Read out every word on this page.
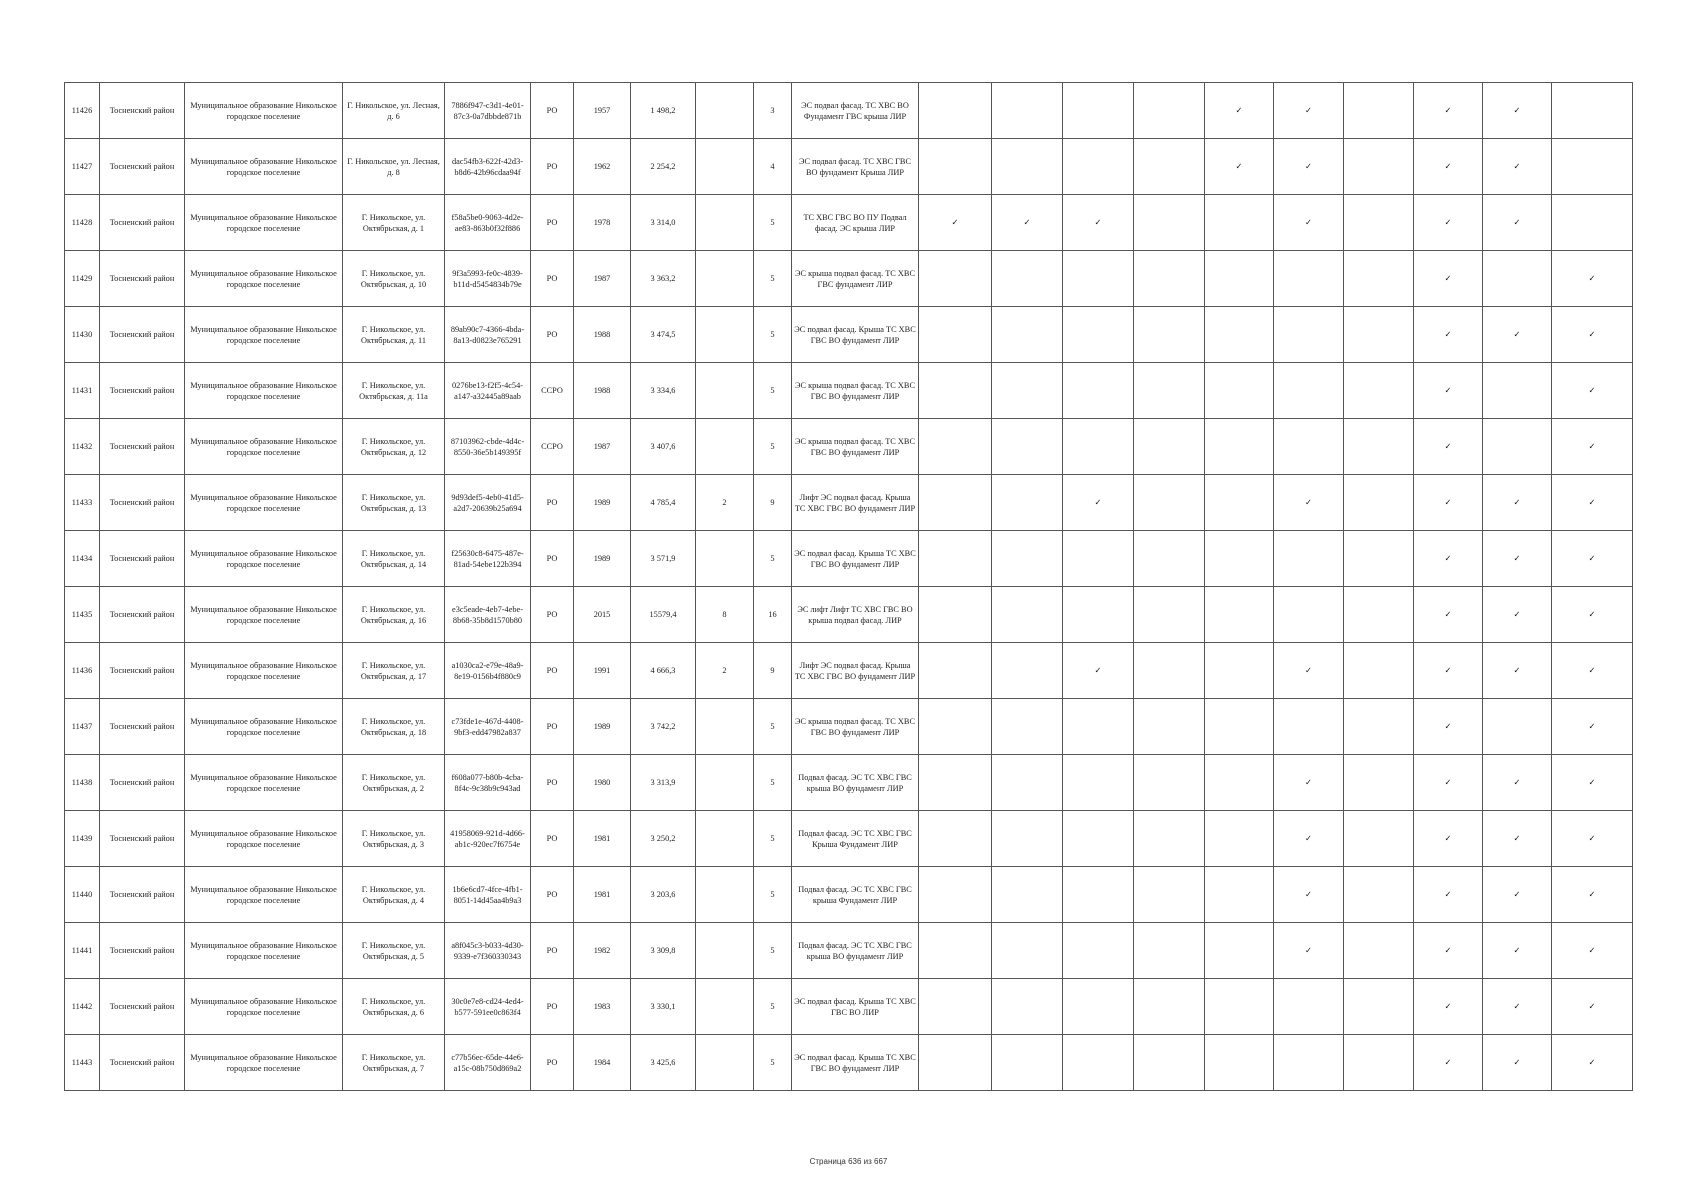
11426	Тосненский район	Муниципальное образование Никольское городское поселение	Г. Никольское, ул. Лесная, д. 6	7886f947-c3d1-4e01-87c3-0a7dbbde871b	РО	1957	1 498,2		3	ЭС подвал фасад. ТС ХВС ВО Фундамент ГВС крыша ЛИР					✓	✓		✓	✓	
11427	Тосненский район	Муниципальное образование Никольское городское поселение	Г. Никольское, ул. Лесная, д. 8	dac54fb3-622f-42d3-b8d6-42b96cdaa94f	РО	1962	2 254,2		4	ЭС подвал фасад. ТС ХВС ГВС ВО фундамент Крыша ЛИР					✓	✓		✓	✓	
11428	Тосненский район	Муниципальное образование Никольское городское поселение	Г. Никольское, ул. Октябрьская, д. 1	f58a5be0-9063-4d2e-ae83-863b0f32f886	РО	1978	3 314,0		5	ТС ХВС ГВС ВО ПУ Подвал фасад. ЭС крыша ЛИР	✓	✓	✓			✓		✓	✓	
11429	Тосненский район	Муниципальное образование Никольское городское поселение	Г. Никольское, ул. Октябрьская, д. 10	9f3a5993-fe0c-4839-b11d-d5454834b79e	РО	1987	3 363,2		5	ЭС крыша подвал фасад. ТС ХВС ГВС фундамент ЛИР								✓		✓
11430	Тосненский район	Муниципальное образование Никольское городское поселение	Г. Никольское, ул. Октябрьская, д. 11	89ab90c7-4366-4bda-8a13-d0823e765291	РО	1988	3 474,5		5	ЭС подвал фасад. Крыша ТС ХВС ГВС ВО фундамент ЛИР								✓	✓	✓
11431	Тосненский район	Муниципальное образование Никольское городское поселение	Г. Никольское, ул. Октябрьская, д. 11а	0276be13-f2f5-4c54-a147-a32445a89aab	ССРО	1988	3 334,6		5	ЭС крыша подвал фасад. ТС ХВС ГВС ВО фундамент ЛИР								✓		✓
11432	Тосненский район	Муниципальное образование Никольское городское поселение	Г. Никольское, ул. Октябрьская, д. 12	87103962-cbde-4d4c-8550-36e5b149395f	ССРО	1987	3 407,6		5	ЭС крыша подвал фасад. ТС ХВС ГВС ВО фундамент ЛИР								✓		✓
11433	Тосненский район	Муниципальное образование Никольское городское поселение	Г. Никольское, ул. Октябрьская, д. 13	9d93def5-4eb0-41d5-a2d7-20639b25a694	РО	1989	4 785,4	2	9	Лифт ЭС подвал фасад. Крыша ТС ХВС ГВС ВО фундамент ЛИР			✓			✓		✓	✓	✓
11434	Тосненский район	Муниципальное образование Никольское городское поселение	Г. Никольское, ул. Октябрьская, д. 14	f25630c8-6475-487e-81ad-54ebe122b394	РО	1989	3 571,9		5	ЭС подвал фасад. Крыша ТС ХВС ГВС ВО фундамент ЛИР								✓	✓	✓
11435	Тосненский район	Муниципальное образование Никольское городское поселение	Г. Никольское, ул. Октябрьская, д. 16	e3c5eade-4eb7-4ebe-8b68-35b8d1570b80	РО	2015	15579,4	8	16	ЭС лифт Лифт ТС ХВС ГВС ВО крыша подвал фасад. ЛИР								✓	✓	✓
11436	Тосненский район	Муниципальное образование Никольское городское поселение	Г. Никольское, ул. Октябрьская, д. 17	a1030ca2-e79e-48a9-8e19-0156b4f880c9	РО	1991	4 666,3	2	9	Лифт ЭС подвал фасад. Крыша ТС ХВС ГВС ВО фундамент ЛИР			✓			✓		✓	✓	✓
11437	Тосненский район	Муниципальное образование Никольское городское поселение	Г. Никольское, ул. Октябрьская, д. 18	c73fde1e-467d-4408-9bf3-edd47982a837	РО	1989	3 742,2		5	ЭС крыша подвал фасад. ТС ХВС ГВС ВО фундамент ЛИР								✓		✓
11438	Тосненский район	Муниципальное образование Никольское городское поселение	Г. Никольское, ул. Октябрьская, д. 2	f608a077-b80b-4cba-8f4c-9c38b9c943ad	РО	1980	3 313,9		5	Подвал фасад. ЭС ТС ХВС ГВС крыша ВО фундамент ЛИР						✓		✓	✓	✓
11439	Тосненский район	Муниципальное образование Никольское городское поселение	Г. Никольское, ул. Октябрьская, д. 3	41958069-921d-4d66-ab1c-920ec7f6754e	РО	1981	3 250,2		5	Подвал фасад. ЭС ТС ХВС ГВС Крыша Фундамент ЛИР						✓		✓	✓	✓
11440	Тосненский район	Муниципальное образование Никольское городское поселение	Г. Никольское, ул. Октябрьская, д. 4	1b6e6cd7-4fce-4fb1-8051-14d45aa4b9a3	РО	1981	3 203,6		5	Подвал фасад. ЭС ТС ХВС ГВС крыша Фундамент ЛИР						✓		✓	✓	✓
11441	Тосненский район	Муниципальное образование Никольское городское поселение	Г. Никольское, ул. Октябрьская, д. 5	a8f045c3-b033-4d30-9339-e7f360330343	РО	1982	3 309,8		5	Подвал фасад. ЭС ТС ХВС ГВС крыша ВО фундамент ЛИР						✓		✓	✓	✓
11442	Тосненский район	Муниципальное образование Никольское городское поселение	Г. Никольское, ул. Октябрьская, д. 6	30c0e7e8-cd24-4ed4-b577-591ee0c863f4	РО	1983	3 330,1		5	ЭС подвал фасад. Крыша ТС ХВС ГВС ВО ЛИР								✓	✓	✓
11443	Тосненский район	Муниципальное образование Никольское городское поселение	Г. Никольское, ул. Октябрьская, д. 7	c77b56ec-65de-44e6-a15c-08b750d869a2	РО	1984	3 425,6		5	ЭС подвал фасад. Крыша ТС ХВС ГВС ВО фундамент ЛИР								✓	✓	✓
Страница 636 из 667
